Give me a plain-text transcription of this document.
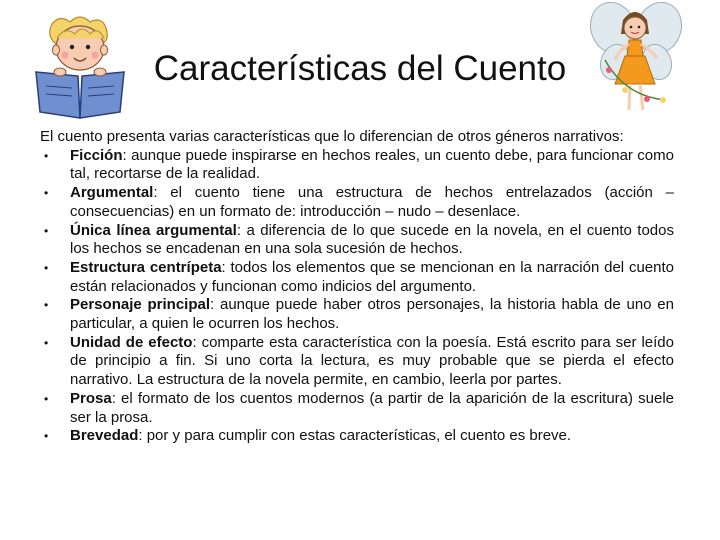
Características del Cuento

El cuento presenta varias características que lo diferencian de otros géneros narrativos:

• Ficción: aunque puede inspirarse en hechos reales, un cuento debe, para funcionar como tal, recortarse de la realidad.
• Argumental: el cuento tiene una estructura de hechos entrelazados (acción – consecuencias) en un formato de: introducción – nudo – desenlace.
• Única línea argumental: a diferencia de lo que sucede en la novela, en el cuento todos los hechos se encadenan en una sola sucesión de hechos.
• Estructura centrípeta: todos los elementos que se mencionan en la narración del cuento están relacionados y funcionan como indicios del argumento.
• Personaje principal: aunque puede haber otros personajes, la historia habla de uno en particular, a quien le ocurren los hechos.
• Unidad de efecto: comparte esta característica con la poesía. Está escrito para ser leído de principio a fin. Si uno corta la lectura, es muy probable que se pierda el efecto narrativo. La estructura de la novela permite, en cambio, leerla por partes.
• Prosa: el formato de los cuentos modernos (a partir de la aparición de la escritura) suele ser la prosa.
• Brevedad: por y para cumplir con estas características, el cuento es breve.
